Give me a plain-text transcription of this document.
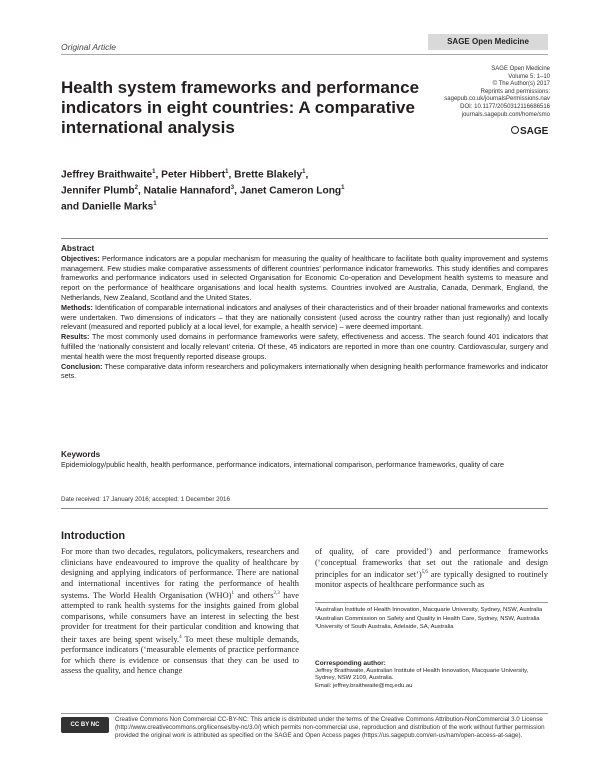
Original Article
SAGE Open Medicine
Health system frameworks and performance indicators in eight countries: A comparative international analysis
SAGE Open Medicine
Volume 5: 1–10
© The Author(s) 2017
Reprints and permissions:
sagepub.co.uk/journalsPermissions.nav
DOI: 10.1177/2050312116686516
journals.sagepub.com/home/smo
SAGE
Jeffrey Braithwaite$^1$, Peter Hibbert$^1$, Brette Blakely$^1$,
Jennifer Plumb$^2$, Natalie Hannaford$^3$, Janet Cameron Long$^1$
and Danielle Marks$^1$
Abstract

Objectives: Performance indicators are a popular mechanism for measuring the quality of healthcare to facilitate both quality improvement and systems management. Few studies make comparative assessments of different countries’ performance indicator frameworks. This study identifies and compares frameworks and performance indicators used in selected Organisation for Economic Co-operation and Development health systems to measure and report on the performance of healthcare organisations and local health systems. Countries involved are Australia, Canada, Denmark, England, the Netherlands, New Zealand, Scotland and the United States.

Methods: Identification of comparable international indicators and analyses of their characteristics and of their broader national frameworks and contexts were undertaken. Two dimensions of indicators – that they are nationally consistent (used across the country rather than just regionally) and locally relevant (measured and reported publicly at a local level, for example, a health service) – were deemed important.

Results: The most commonly used domains in performance frameworks were safety, effectiveness and access. The search found 401 indicators that fulfilled the ‘nationally consistent and locally relevant’ criteria. Of these, 45 indicators are reported in more than one country. Cardiovascular, surgery and mental health were the most frequently reported disease groups.

Conclusion: These comparative data inform researchers and policymakers internationally when designing health performance frameworks and indicator sets.

Keywords

Epidemiology/public health, health performance, performance indicators, international comparison, performance frameworks, quality of care

Date received: 17 January 2016; accepted: 1 December 2016
Introduction
For more than two decades, regulators, policymakers, researchers and clinicians have endeavoured to improve the quality of healthcare by designing and applying indicators of performance. There are national and international incentives for rating the performance of health systems. The World Health Organisation (WHO)$^1$ and others$^{2,3}$ have attempted to rank health systems for the insights gained from global comparisons, while consumers have an interest in selecting the best provider for treatment for their particular condition and knowing that their taxes are being spent wisely.$^4$ To meet these multiple demands, performance indicators (‘measurable elements of practice performance for which there is evidence or consensus that they can be used to assess the quality, and hence change
of quality, of care provided’) and performance frameworks (‘conceptual frameworks that set out the rationale and design principles for an indicator set’)$^{5,6}$ are typically designed to routinely monitor aspects of healthcare performance such as
¹Australian Institute of Health Innovation, Macquarie University, Sydney, NSW, Australia
²Australian Commission on Safety and Quality in Health Care, Sydney, NSW, Australia
³University of South Australia, Adelaide, SA, Australia
Corresponding author:
Jeffrey Braithwaite, Australian Institute of Health Innovation, Macquarie University, Sydney, NSW 2109, Australia.
Email: jeffrey.braithwaite@mq.edu.au
CC BY NC
Creative Commons Non Commercial CC-BY-NC: This article is distributed under the terms of the Creative Commons Attribution-NonCommercial 3.0 License (http://www.creativecommons.org/licenses/by-nc/3.0/) which permits non-commercial use, reproduction and distribution of the work without further permission provided the original work is attributed as specified on the SAGE and Open Access pages (https://us.sagepub.com/en-us/nam/open-access-at-sage).
